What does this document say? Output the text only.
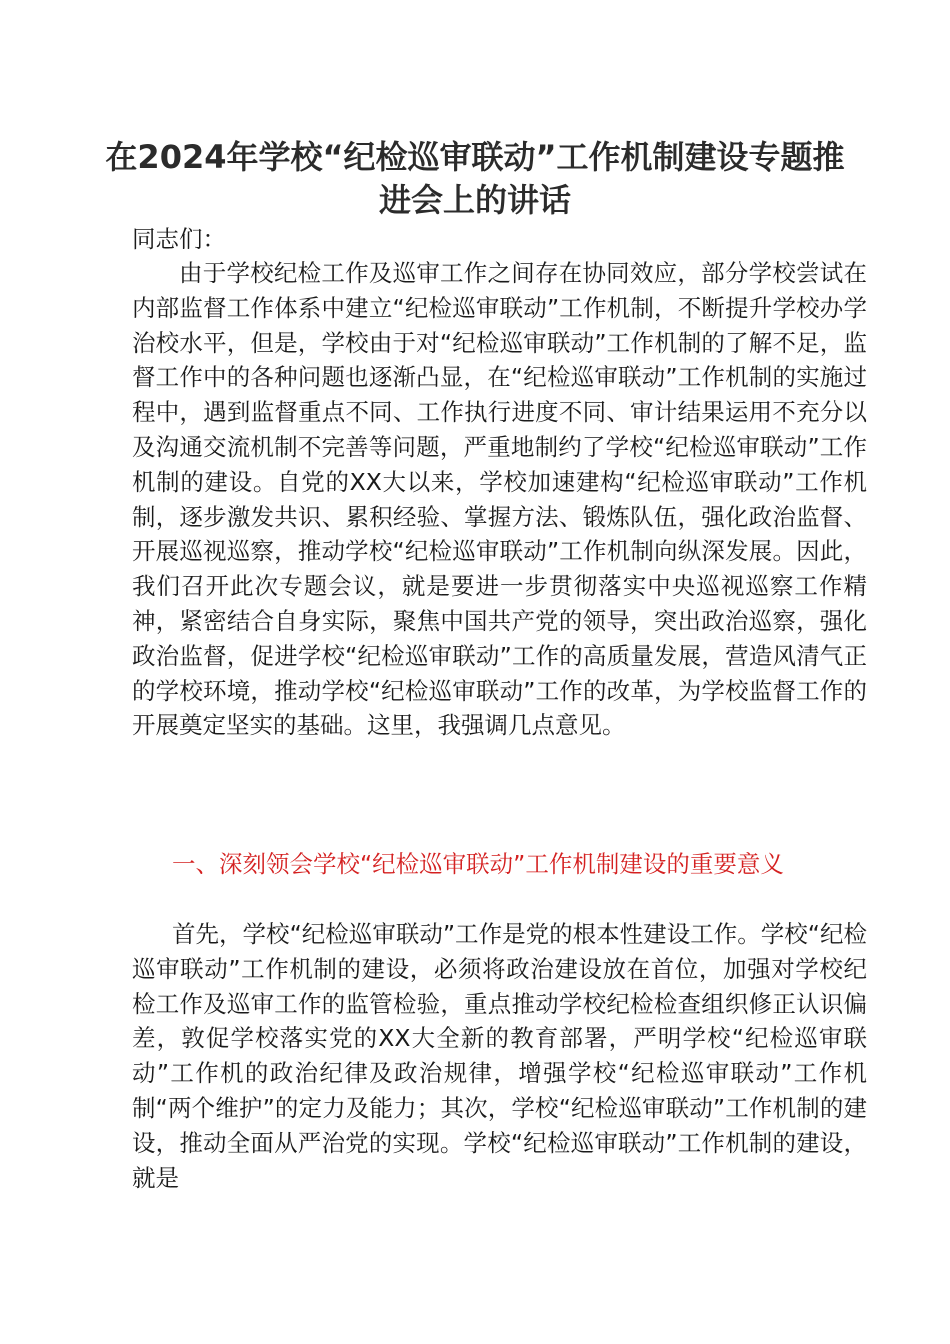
在2024年学校“纪检巡审联动”工作机制建设专题推进会上的讲话

同志们：

由于学校纪检工作及巡审工作之间存在协同效应，部分学校尝试在内部监督工作体系中建立“纪检巡审联动”工作机制，不断提升学校办学治校水平，但是，学校由于对“纪检巡审联动”工作机制的了解不足，监督工作中的各种问题也逐渐凸显，在“纪检巡审联动”工作机制的实施过程中，遇到监督重点不同、工作执行进度不同、审计结果运用不充分以及沟通交流机制不完善等问题，严重地制约了学校“纪检巡审联动”工作机制的建设。自党的XX大以来，学校加速建构“纪检巡审联动”工作机制，逐步激发共识、累积经验、掌握方法、锻炼队伍，强化政治监督、开展巡视巡察，推动学校“纪检巡审联动”工作机制向纵深发展。因此，我们召开此次专题会议，就是要进一步贯彻落实中央巡视巡察工作精神，紧密结合自身实际，聚焦中国共产党的领导，突出政治巡察，强化政治监督，促进学校“纪检巡审联动”工作的高质量发展，营造风清气正的学校环境，推动学校“纪检巡审联动”工作的改革，为学校监督工作的开展奠定坚实的基础。这里，我强调几点意见。

一、深刻领会学校“纪检巡审联动”工作机制建设的重要意义

首先，学校“纪检巡审联动”工作是党的根本性建设工作。学校“纪检巡审联动”工作机制的建设，必须将政治建设放在首位，加强对学校纪检工作及巡审工作的监管检验，重点推动学校纪检检查组织修正认识偏差，敦促学校落实党的XX大全新的教育部署，严明学校“纪检巡审联动”工作机的政治纪律及政治规律，增强学校“纪检巡审联动”工作机制“两个维护”的定力及能力；其次，学校“纪检巡审联动”工作机制的建设，推动全面从严治党的实现。学校“纪检巡审联动”工作机制的建设，就是
